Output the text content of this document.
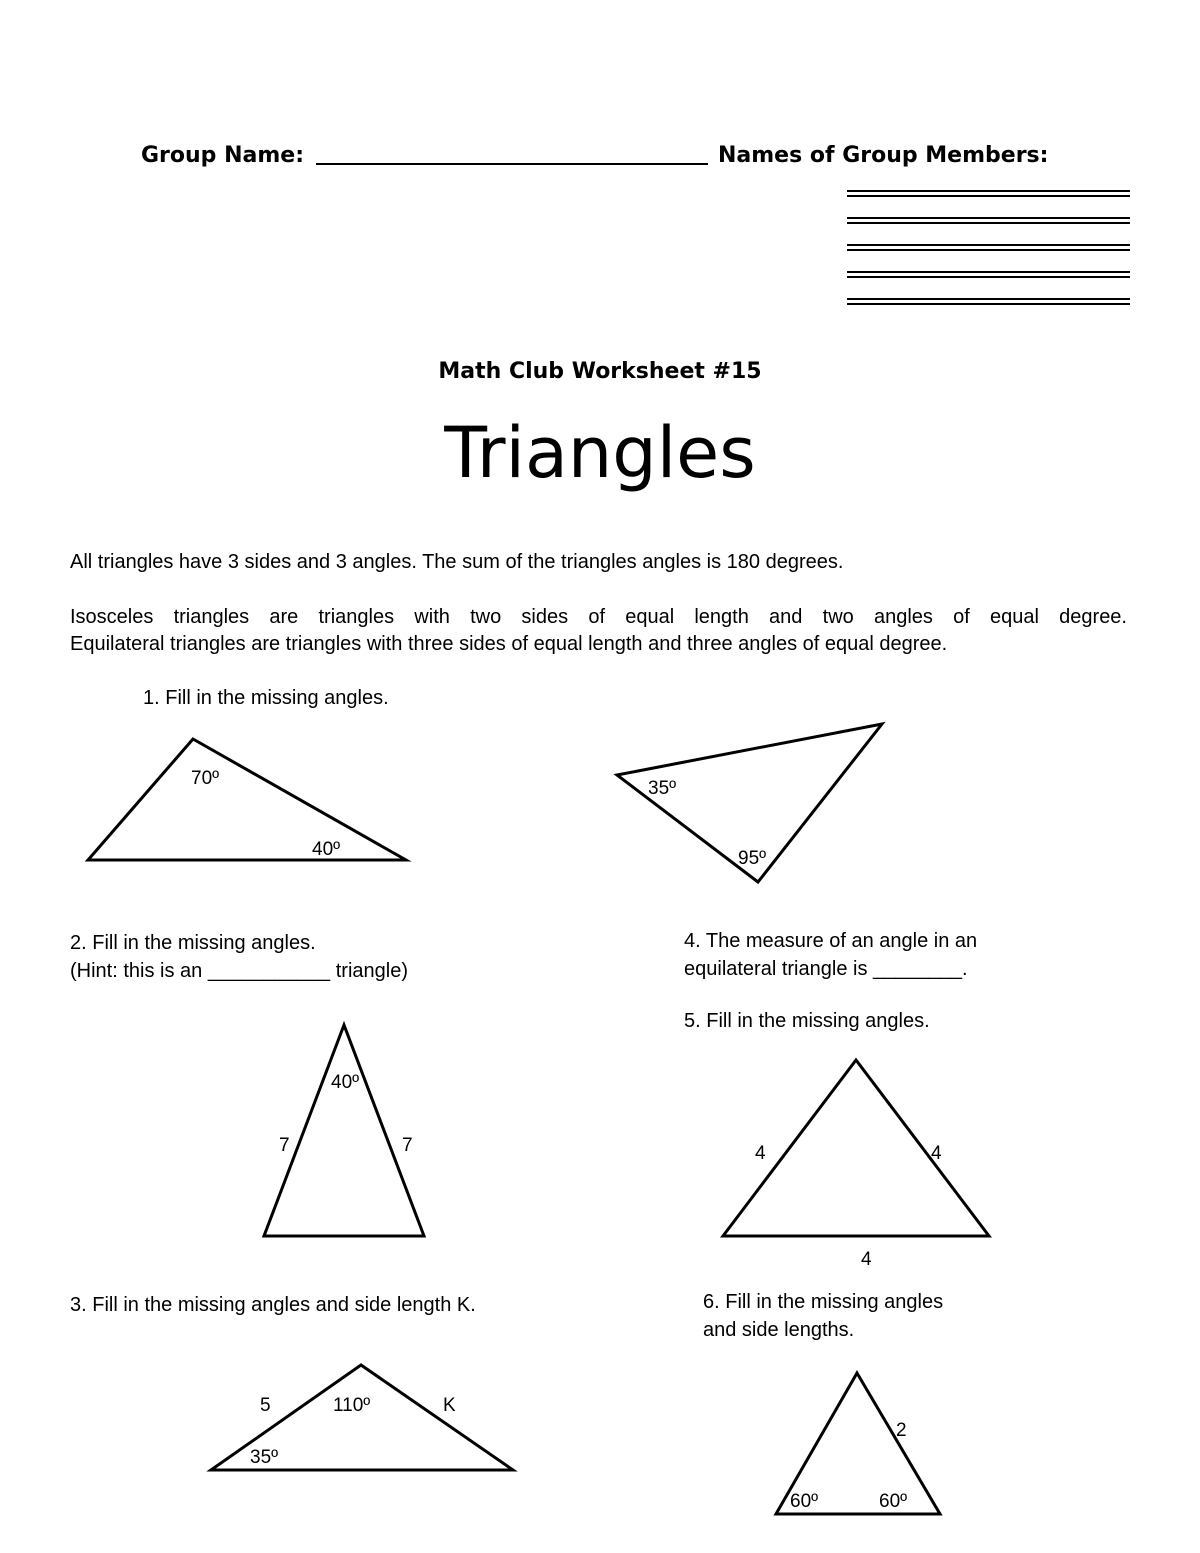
Group Name:	Names of Group Members:
Math Club Worksheet #15
Triangles
All triangles have 3 sides and 3 angles. The sum of the triangles angles is 180 degrees.
Isosceles triangles are triangles with two sides of equal length and two angles of equal degree.
Equilateral triangles are triangles with three sides of equal length and three angles of equal degree.
1. Fill in the missing angles.
2. Fill in the missing angles.
(Hint: this is an ___________ triangle)
4. The measure of an angle in an
equilateral triangle is ________.
5. Fill in the missing angles.
3. Fill in the missing angles and side length K.	6. Fill in the missing angles
and side lengths.
70º
40º
35º
95º
40º
7	7	4	4
4
5	110º	K
35º
2
60º	60º
